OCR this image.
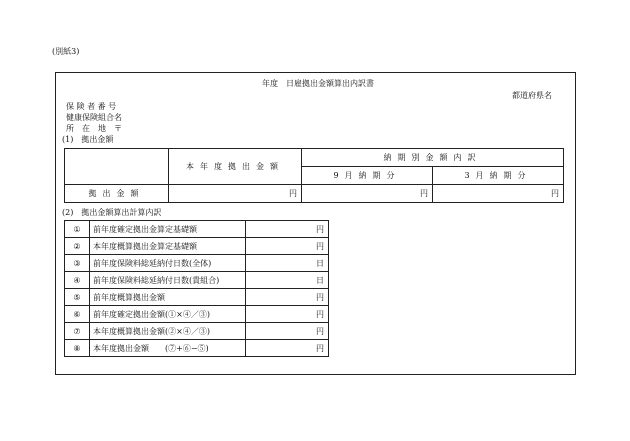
(別紙3)
年度　日雇拠出金額算出内訳書
都道府県名
保 険 者 番 号
健康保険組合名
所　在　地　〒
(1)　拠出金額
	本年度拠出金額	納期別金額内訳	
		9月納期分	3月納期分
拠出金額	円	円	円
(2)　拠出金額算出計算内訳
①	前年度確定拠出金算定基礎額	円
②	本年度概算拠出金算定基礎額	円
③	前年度保険料総延納付日数(全体)	日
④	前年度保険料総延納付日数(貴組合)	日
⑤	前年度概算拠出金額	円
⑥	前年度確定拠出金額(①×④／③)	円
⑦	本年度概算拠出金額(②×④／③)	円
⑧	本年度拠出金額　　(⑦+⑥−⑤)	円
